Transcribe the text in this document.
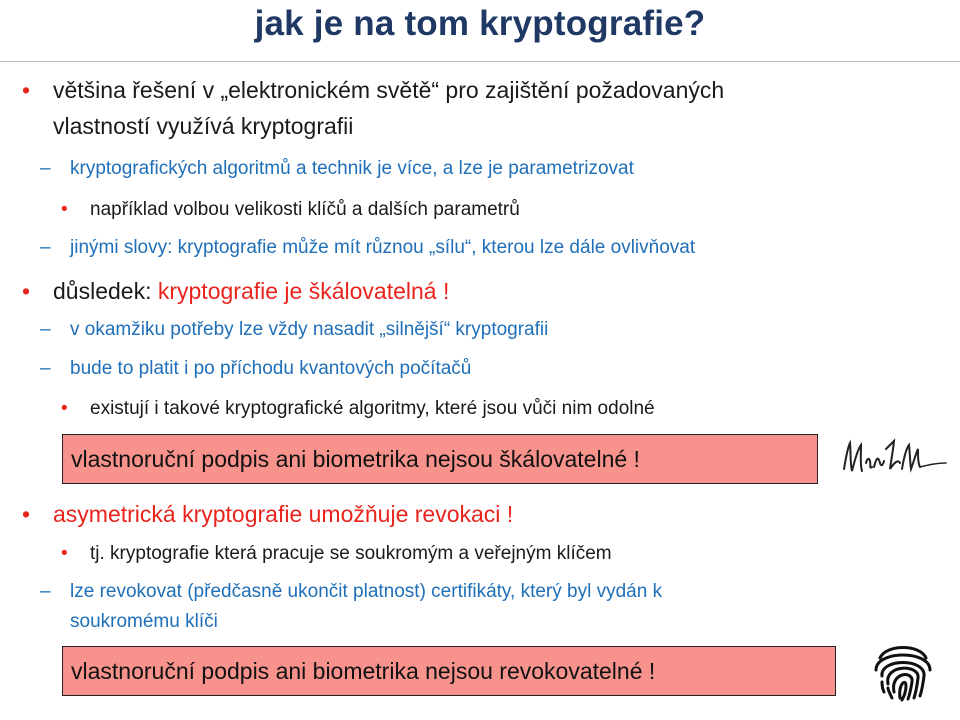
jak je na tom kryptografie?
• většina řešení v „elektronickém světě“ pro zajištění požadovaných
vlastností využívá kryptografii
– kryptografických algoritmů a technik je více, a lze je parametrizovat
• například volbou velikosti klíčů a dalších parametrů
– jinými slovy: kryptografie může mít různou „sílu“, kterou lze dále ovlivňovat
• důsledek: kryptografie je škálovatelná !
– v okamžiku potřeby lze vždy nasadit „silnější“ kryptografii
– bude to platit i po příchodu kvantových počítačů
• existují i takové kryptografické algoritmy, které jsou vůči nim odolné
vlastnoruční podpis ani biometrika nejsou škálovatelné !
• asymetrická kryptografie umožňuje revokaci !
• tj. kryptografie která pracuje se soukromým a veřejným klíčem
– lze revokovat (předčasně ukončit platnost) certifikáty, který byl vydán k
soukromému klíči
vlastnoruční podpis ani biometrika nejsou revokovatelné !
